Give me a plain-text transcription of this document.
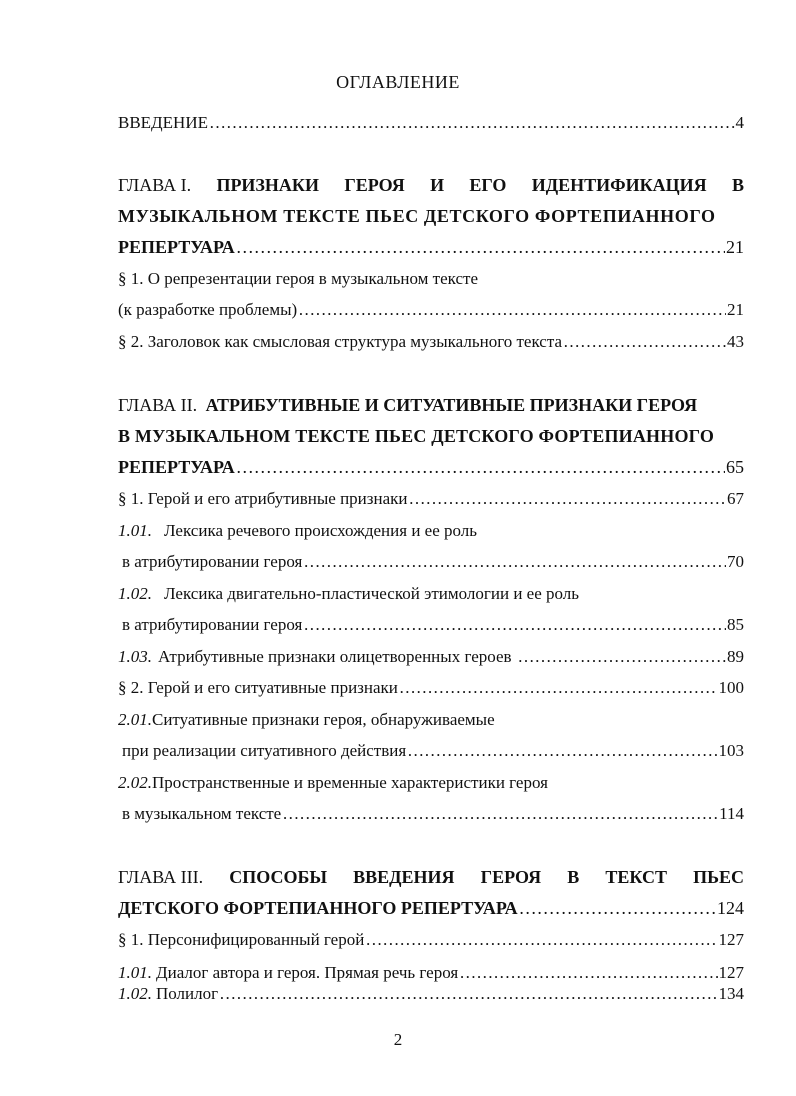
ОГЛАВЛЕНИЕ
ВВЕДЕНИЕ …………………………………………………………………………………………………………………………………………………………………………………………	4
ГЛАВА I. ПРИЗНАКИ ГЕРОЯ И ЕГО ИДЕНТИФИКАЦИЯ В
МУЗЫКАЛЬНОМ ТЕКСТЕ ПЬЕС ДЕТСКОГО ФОРТЕПИАННОГО
РЕПЕРТУАРА …………………………………………………………………………………………………………………………………………………………………………………………	21
§ 1. О репрезентации героя в музыкальном тексте
(к разработке проблемы) …………………………………………………………………………………………………………………………………………………………………………………………	21
§ 2. Заголовок как смысловая структура музыкального текста …………………………………………………………………………………………………………………………………………………………………………………………	43
ГЛАВА II. АТРИБУТИВНЫЕ И СИТУАТИВНЫЕ ПРИЗНАКИ ГЕРОЯ
В МУЗЫКАЛЬНОМ ТЕКСТЕ ПЬЕС ДЕТСКОГО ФОРТЕПИАННОГО
РЕПЕРТУАРА …………………………………………………………………………………………………………………………………………………………………………………………	65
§ 1. Герой и его атрибутивные признаки …………………………………………………………………………………………………………………………………………………………………………………………	67
1.01. Лексика речевого происхождения и ее роль
в атрибутировании героя …………………………………………………………………………………………………………………………………………………………………………………………	70
1.02. Лексика двигательно-пластической этимологии и ее роль
в атрибутировании героя …………………………………………………………………………………………………………………………………………………………………………………………	85
1.03. Атрибутивные признаки олицетворенных героев …………………………………………………………………………………………………………………………………………………………………………………………	89
§ 2. Герой и его ситуативные признаки …………………………………………………………………………………………………………………………………………………………………………………………	100
2.01. Ситуативные признаки героя, обнаруживаемые
при реализации ситуативного действия …………………………………………………………………………………………………………………………………………………………………………………………	103
2.02. Пространственные и временные характеристики героя
в музыкальном тексте …………………………………………………………………………………………………………………………………………………………………………………………	114
ГЛАВА III. СПОСОБЫ ВВЕДЕНИЯ ГЕРОЯ В ТЕКСТ ПЬЕС
ДЕТСКОГО ФОРТЕПИАННОГО РЕПЕРТУАРА …………………………………………………………………………………………………………………………………………………………………………………………	124
§ 1. Персонифицированный герой …………………………………………………………………………………………………………………………………………………………………………………………	127
1.01. Диалог автора и героя. Прямая речь героя …………………………………………………………………………………………………………………………………………………………………………………………	127
1.02. Полилог …………………………………………………………………………………………………………………………………………………………………………………………	134
2
